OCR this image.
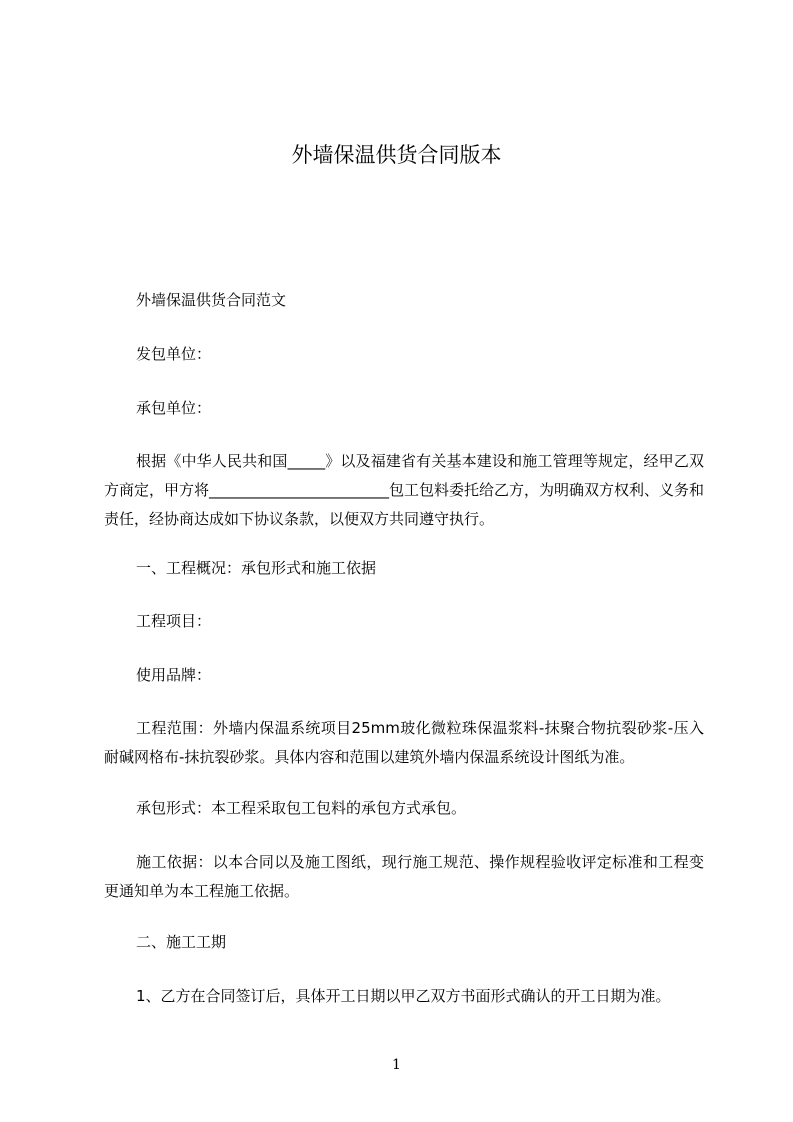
外墙保温供货合同版本
外墙保温供货合同范文
发包单位：
承包单位：
根据《中华人民共和国_____》以及福建省有关基本建设和施工管理等规定，经甲乙双方商定，甲方将________________________包工包料委托给乙方，为明确双方权利、义务和责任，经协商达成如下协议条款，以便双方共同遵守执行。
一、工程概况：承包形式和施工依据
工程项目：
使用品牌：
工程范围：外墙内保温系统项目25mm玻化微粒珠保温浆料-抹聚合物抗裂砂浆-压入耐碱网格布-抹抗裂砂浆。具体内容和范围以建筑外墙内保温系统设计图纸为准。
承包形式：本工程采取包工包料的承包方式承包。
施工依据：以本合同以及施工图纸，现行施工规范、操作规程验收评定标准和工程变更通知单为本工程施工依据。
二、施工工期
1、乙方在合同签订后，具体开工日期以甲乙双方书面形式确认的开工日期为准。
1
